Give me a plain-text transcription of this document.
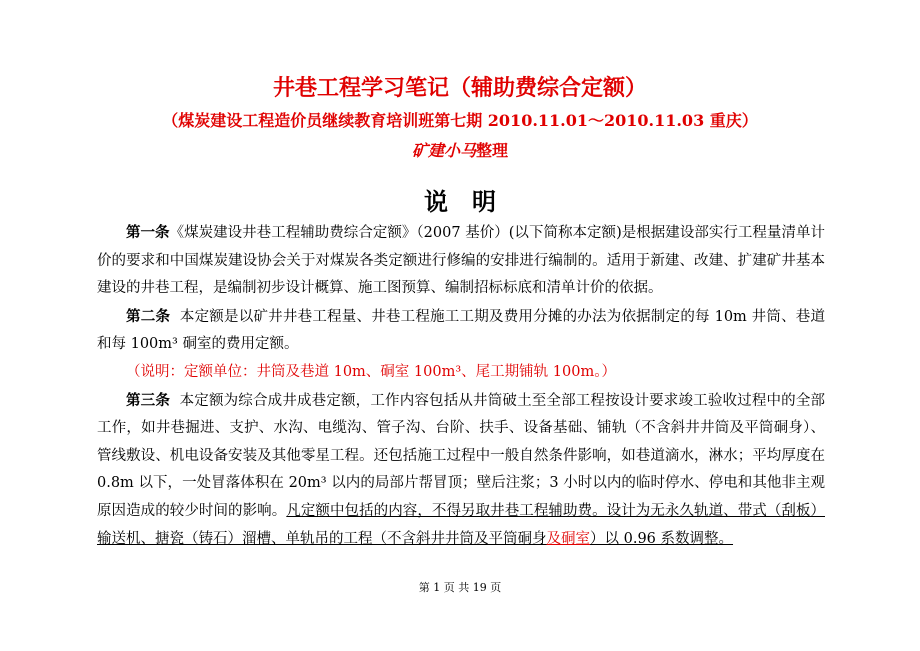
井巷工程学习笔记（辅助费综合定额）
（煤炭建设工程造价员继续教育培训班第七期 2010.11.01～2010.11.03 重庆）
矿建小马整理
说明

第一条《煤炭建设井巷工程辅助费综合定额》（2007 基价）(以下简称本定额)是根据建设部实行工程量清单计价的要求和中国煤炭建设协会关于对煤炭各类定额进行修编的安排进行编制的。适用于新建、改建、扩建矿井基本建设的井巷工程，是编制初步设计概算、施工图预算、编制招标标底和清单计价的依据。

第二条 本定额是以矿井井巷工程量、井巷工程施工工期及费用分摊的办法为依据制定的每 10m 井筒、巷道和每 100m³ 硐室的费用定额。

（说明：定额单位：井筒及巷道 10m、硐室 100m³、尾工期铺轨 100m。）

第三条 本定额为综合成井成巷定额，工作内容包括从井筒破土至全部工程按设计要求竣工验收过程中的全部工作，如井巷掘进、支护、水沟、电缆沟、管子沟、台阶、扶手、设备基础、铺轨（不含斜井井筒及平筒硐身）、管线敷设、机电设备安装及其他零星工程。还包括施工过程中一般自然条件影响，如巷道滴水，淋水；平均厚度在 0.8m 以下，一处冒落体积在 20m³ 以内的局部片帮冒顶；壁后注浆；3 小时以内的临时停水、停电和其他非主观原因造成的较少时间的影响。凡定额中包括的内容，不得另取井巷工程辅助费。设计为无永久轨道、带式（刮板）输送机、搪瓷（铸石）溜槽、单轨吊的工程（不含斜井井筒及平筒硐身及硐室）以 0.96 系数调整。

第 1 页 共 19 页
